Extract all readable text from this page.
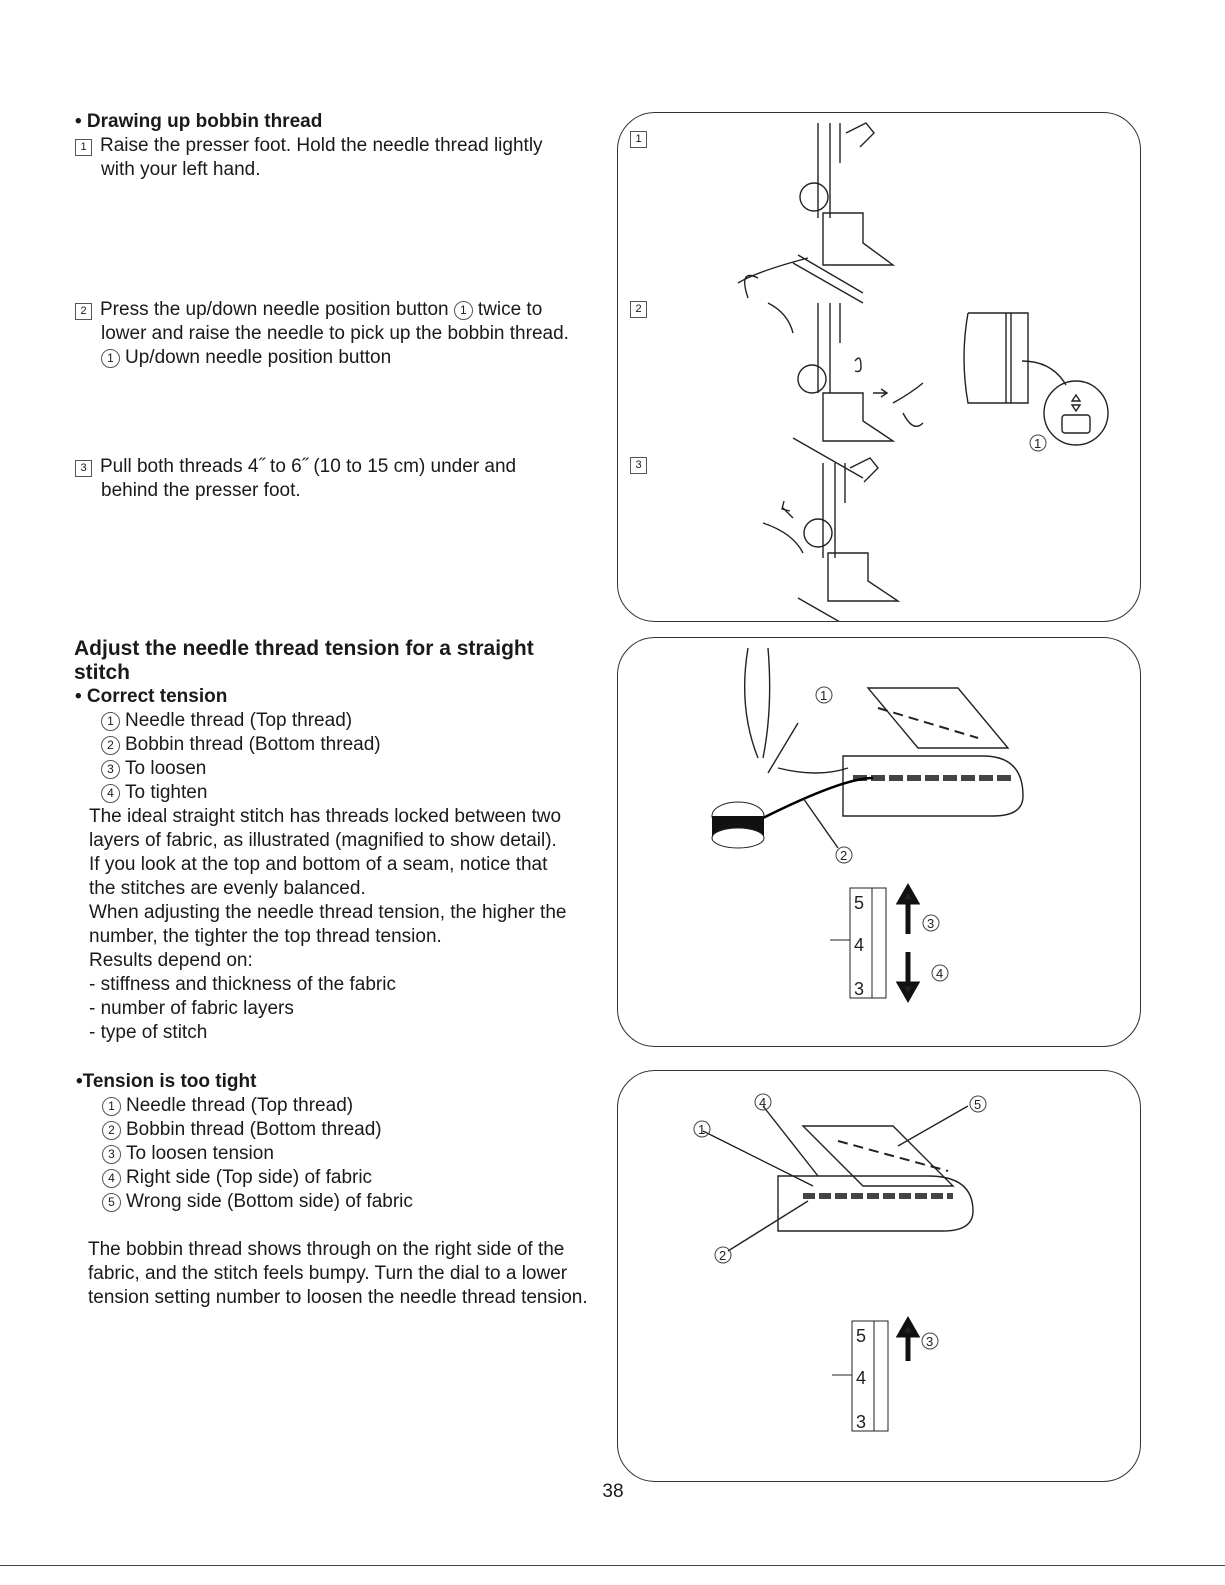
• Drawing up bobbin thread
1 Raise the presser foot. Hold the needle thread lightly
with your left hand.
2 Press the up/down needle position button 1 twice to
lower and raise the needle to pick up the bobbin thread.
1 Up/down needle position button
3 Pull both threads 4˝ to 6˝ (10 to 15 cm) under and
behind the presser foot.
Adjust the needle thread tension for a straight
stitch
• Correct tension
1 Needle thread (Top thread)
2 Bobbin thread (Bottom thread)
3 To loosen
4 To tighten
The ideal straight stitch has threads locked between two
layers of fabric, as illustrated (magnified to show detail).
If you look at the top and bottom of a seam, notice that
the stitches are evenly balanced.
When adjusting the needle thread tension, the higher the
number, the tighter the top thread tension.
Results depend on:
- stiffness and thickness of the fabric
- number of fabric layers
- type of stitch
•Tension is too tight
1 Needle thread (Top thread)
2 Bobbin thread (Bottom thread)
3 To loosen tension
4 Right side (Top side) of fabric
5 Wrong side (Bottom side) of fabric
The bobbin thread shows through on the right side of the
fabric, and the stitch feels bumpy. Turn the dial to a lower
tension setting number to loosen the needle thread tension.
1
2
3
1
5
4
3
1
2
3
4
5
4
3
1
2
3
4	5
38
